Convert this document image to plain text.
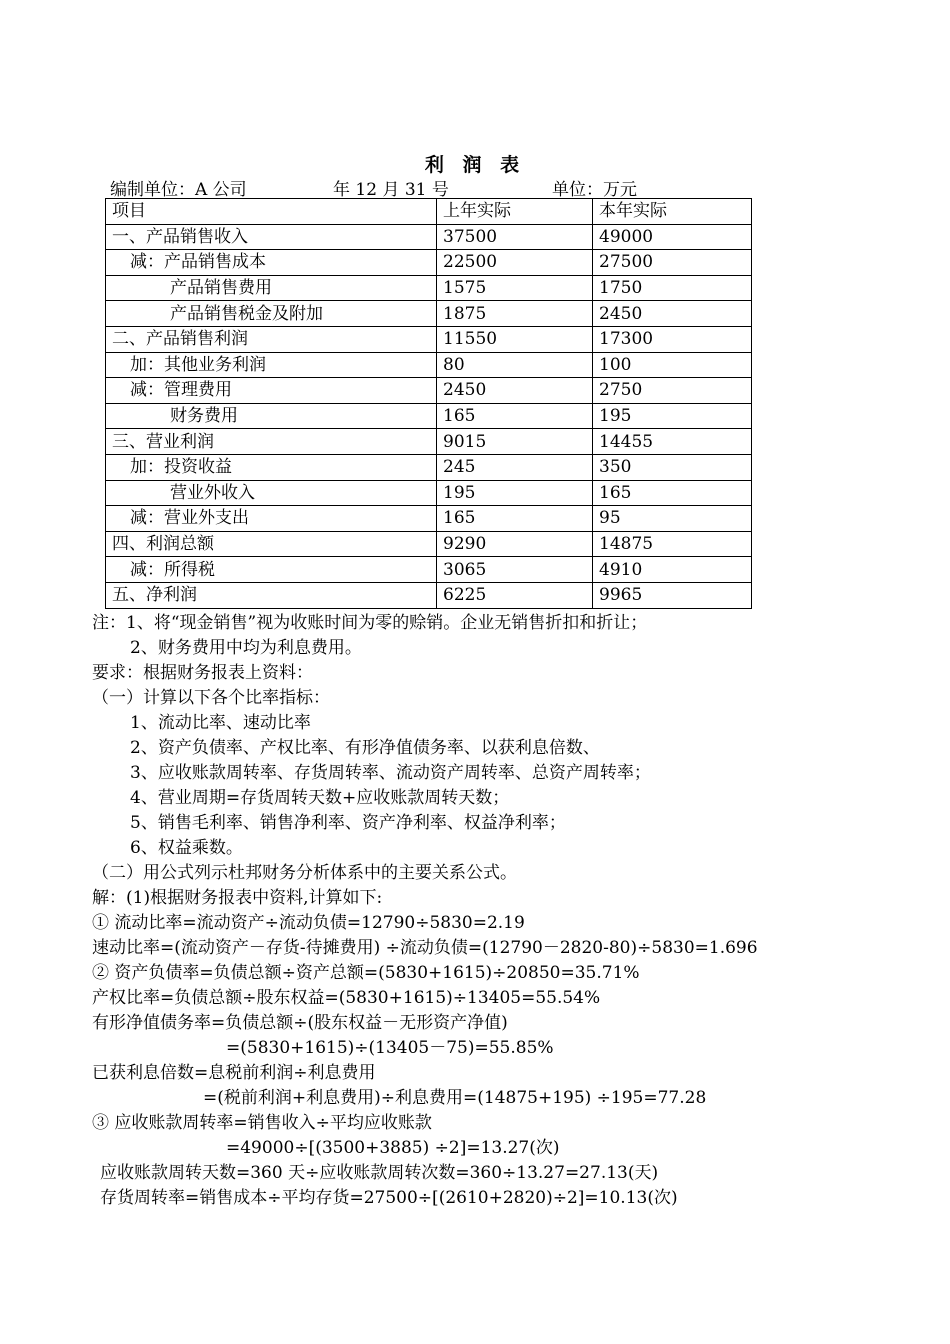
利 润 表
编制单位：A 公司	年 12 月 31 号	单位：万元
项目	上年实际	本年实际
一、产品销售收入	37500	49000
减：产品销售成本	22500	27500
产品销售费用	1575	1750
产品销售税金及附加	1875	2450
二、产品销售利润	11550	17300
加：其他业务利润	80	100
减：管理费用	2450	2750
财务费用	165	195
三、营业利润	9015	14455
加：投资收益	245	350
营业外收入	195	165
减：营业外支出	165	95
四、利润总额	9290	14875
减：所得税	3065	4910
五、净利润	6225	9965
注：1、将“现金销售”视为收账时间为零的赊销。企业无销售折扣和折让；
2、财务费用中均为利息费用。
要求：根据财务报表上资料：
（一）计算以下各个比率指标：
1、流动比率、速动比率
2、资产负债率、产权比率、有形净值债务率、以获利息倍数、
3、应收账款周转率、存货周转率、流动资产周转率、总资产周转率；
4、营业周期=存货周转天数+应收账款周转天数；
5、销售毛利率、销售净利率、资产净利率、权益净利率；
6、权益乘数。
（二）用公式列示杜邦财务分析体系中的主要关系公式。
解：(1)根据财务报表中资料,计算如下:
① 流动比率=流动资产÷流动负债=12790÷5830=2.19
速动比率=(流动资产－存货-待摊费用) ÷流动负债=(12790－2820-80)÷5830=1.696
② 资产负债率=负债总额÷资产总额=(5830+1615)÷20850=35.71%
产权比率=负债总额÷股东权益=(5830+1615)÷13405=55.54%
有形净值债务率=负债总额÷(股东权益－无形资产净值)
=(5830+1615)÷(13405－75)=55.85%
已获利息倍数=息税前利润÷利息费用
=(税前利润+利息费用)÷利息费用=(14875+195) ÷195=77.28
③ 应收账款周转率=销售收入÷平均应收账款
=49000÷[(3500+3885) ÷2]=13.27(次)
应收账款周转天数=360 天÷应收账款周转次数=360÷13.27=27.13(天)
存货周转率=销售成本÷平均存货=27500÷[(2610+2820)÷2]=10.13(次)
